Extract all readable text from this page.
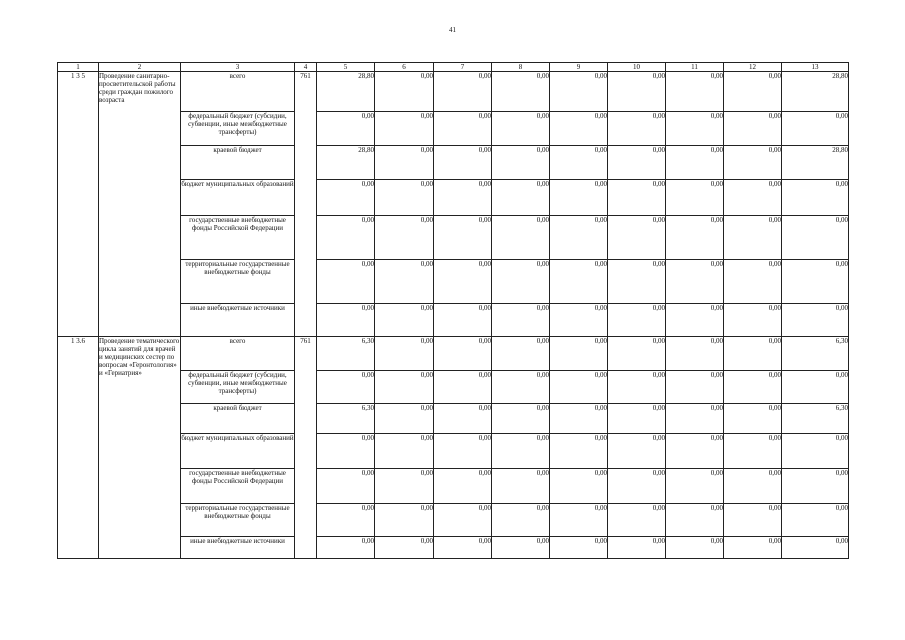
41
1	2	3	4	5	6	7	8	9	10	11	12	13
1 3 5	Проведение санитарно-просветительской работы среди граждан пожилого возраста	всего	761	28,80	0,00	0,00	0,00	0,00	0,00	0,00	0,00	28,80
		федеральный бюджет (субсидии, субвенции, иные межбюджетные трансферты)		0,00	0,00	0,00	0,00	0,00	0,00	0,00	0,00	0,00
		краевой бюджет		28,80	0,00	0,00	0,00	0,00	0,00	0,00	0,00	28,80
		бюджет муниципальных образований		0,00	0,00	0,00	0,00	0,00	0,00	0,00	0,00	0,00
		государственные внебюджетные фонды Российской Федерации		0,00	0,00	0,00	0,00	0,00	0,00	0,00	0,00	0,00
		территориальные государственные внебюджетные фонды		0,00	0,00	0,00	0,00	0,00	0,00	0,00	0,00	0,00
		иные внебюджетные источники		0,00	0,00	0,00	0,00	0,00	0,00	0,00	0,00	0,00
1 3.6	Проведение тематического цикла занятий для врачей и медицинских сестер по вопросам «Геронтология» и «Гериатрия»	всего	761	6,30	0,00	0,00	0,00	0,00	0,00	0,00	0,00	6,30
		федеральный бюджет (субсидии, субвенции, иные межбюджетные трансферты)		0,00	0,00	0,00	0,00	0,00	0,00	0,00	0,00	0,00
		краевой бюджет		6,30	0,00	0,00	0,00	0,00	0,00	0,00	0,00	6,30
		бюджет муниципальных образований		0,00	0,00	0,00	0,00	0,00	0,00	0,00	0,00	0,00
		государственные внебюджетные фонды Российской Федерации		0,00	0,00	0,00	0,00	0,00	0,00	0,00	0,00	0,00
		территориальные государственные внебюджетные фонды		0,00	0,00	0,00	0,00	0,00	0,00	0,00	0,00	0,00
		иные внебюджетные источники		0,00	0,00	0,00	0,00	0,00	0,00	0,00	0,00	0,00
